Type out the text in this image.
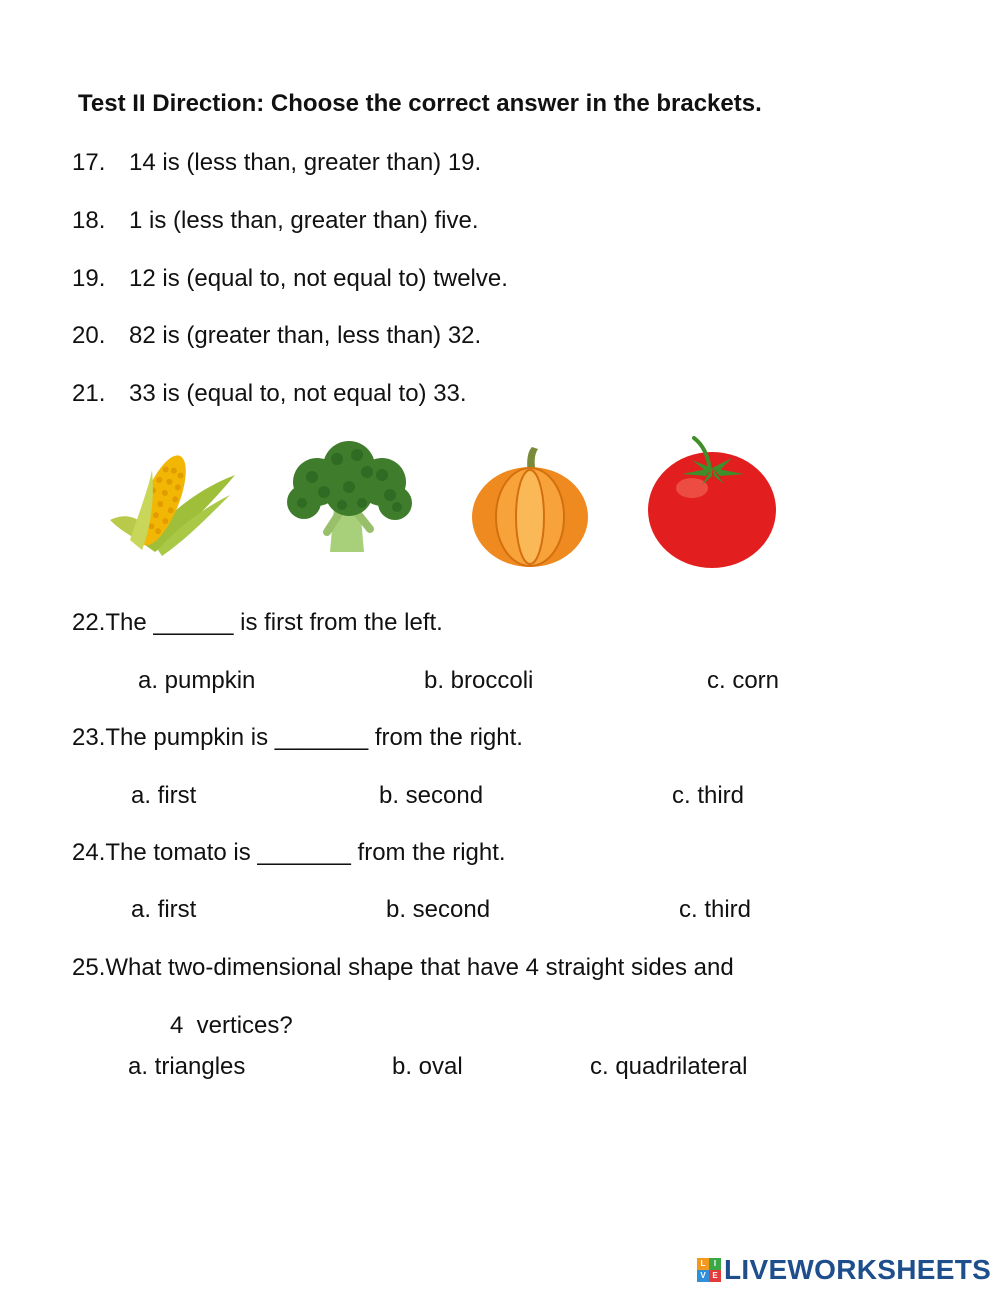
Test II Direction: Choose the correct answer in the brackets.
17. 14 is (less than, greater than) 19.
18. 1 is (less than, greater than) five.
19. 12 is (equal to, not equal to) twelve.
20. 82 is (greater than, less than) 32.
21. 33 is (equal to, not equal to) 33.
22.The ______ is first from the left.
a. pumpkin	b. broccoli	c. corn
23.The pumpkin is _______ from the right.
a. first	b. second	c. third
24.The tomato is _______ from the right.
a. first	b. second	c. third
25.What two-dimensional shape that have 4 straight sides and
4  vertices?
a. triangles	b. oval	c. quadrilateral
L	I
V E LIVEWORKSHEETS
